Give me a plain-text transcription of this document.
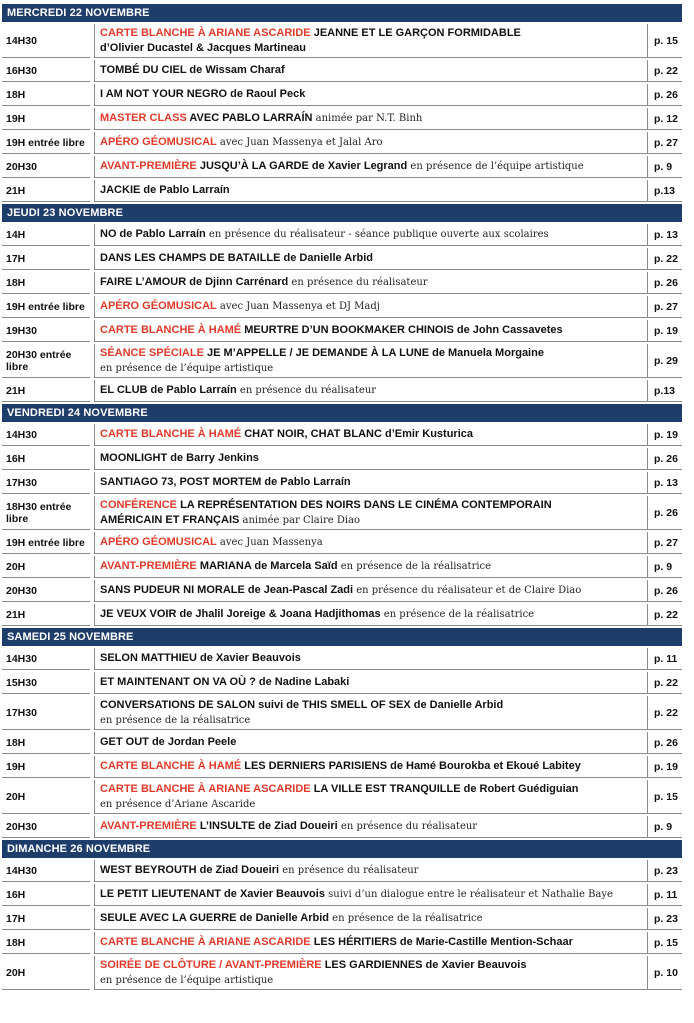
MERCREDI 22 NOVEMBRE
14H30
CARTE BLANCHE À ARIANE ASCARIDE JEANNE ET LE GARÇON FORMIDABLE
d’Olivier Ducastel & Jacques Martineau
p. 15
16H30	TOMBÉ DU CIEL de Wissam Charaf	p. 22
18H	I AM NOT YOUR NEGRO de Raoul Peck	p. 26
19H	MASTER CLASS AVEC PABLO LARRAÍN animée par N.T. Binh	p. 12
19H entrée libre	APÉRO GÉOMUSICAL avec Juan Massenya et Jalal Aro	p. 27
20H30	AVANT-PREMIÈRE JUSQU’À LA GARDE de Xavier Legrand en présence de l’équipe artistique	p. 9
21H	JACKIE de Pablo Larraín	p.13
JEUDI 23 NOVEMBRE
14H	NO de Pablo Larraín en présence du réalisateur - séance publique ouverte aux scolaires	p. 13
17H	DANS LES CHAMPS DE BATAILLE de Danielle Arbid	p. 22
18H	FAIRE L’AMOUR de Djinn Carrénard en présence du réalisateur	p. 26
19H entrée libre	APÉRO GÉOMUSICAL avec Juan Massenya et DJ Madj	p. 27
19H30	CARTE BLANCHE À HAMÉ MEURTRE D’UN BOOKMAKER CHINOIS de John Cassavetes	p. 19
20H30 entrée libre
SÉANCE SPÉCIALE JE M’APPELLE / JE DEMANDE À LA LUNE de Manuela Morgaine
en présence de l’équipe artistique
p. 29
21H	EL CLUB de Pablo Larraín en présence du réalisateur	p.13
VENDREDI 24 NOVEMBRE
14H30	CARTE BLANCHE À HAMÉ CHAT NOIR, CHAT BLANC d’Emir Kusturica	p. 19
16H	MOONLIGHT de Barry Jenkins	p. 26
17H30	SANTIAGO 73, POST MORTEM de Pablo Larraín	p. 13
18H30 entrée libre
CONFÉRENCE LA REPRÉSENTATION DES NOIRS DANS LE CINÉMA CONTEMPORAIN
AMÉRICAIN ET FRANÇAIS animée par Claire Diao
p. 26
19H entrée libre	APÉRO GÉOMUSICAL avec Juan Massenya	p. 27
20H	AVANT-PREMIÈRE MARIANA de Marcela Saïd en présence de la réalisatrice	p. 9
20H30	SANS PUDEUR NI MORALE de Jean-Pascal Zadi en présence du réalisateur et de Claire Diao	p. 26
21H	JE VEUX VOIR de Jhalil Joreige & Joana Hadjithomas en présence de la réalisatrice	p. 22
SAMEDI 25 NOVEMBRE
14H30	SELON MATTHIEU de Xavier Beauvois	p. 11
15H30	ET MAINTENANT ON VA OÙ ? de Nadine Labaki	p. 22
17H30
CONVERSATIONS DE SALON suivi de THIS SMELL OF SEX de Danielle Arbid
en présence de la réalisatrice
p. 22
18H	GET OUT de Jordan Peele	p. 26
19H	CARTE BLANCHE À HAMÉ LES DERNIERS PARISIENS de Hamé Bourokba et Ekoué Labitey	p. 19
20H
CARTE BLANCHE À ARIANE ASCARIDE LA VILLE EST TRANQUILLE de Robert Guédiguian
en présence d’Ariane Ascaride
p. 15
20H30	AVANT-PREMIÈRE L’INSULTE de Ziad Doueiri en présence du réalisateur	p. 9
DIMANCHE 26 NOVEMBRE
14H30	WEST BEYROUTH de Ziad Doueiri en présence du réalisateur	p. 23
16H	LE PETIT LIEUTENANT de Xavier Beauvois suivi d’un dialogue entre le réalisateur et Nathalie Baye	p. 11
17H	SEULE AVEC LA GUERRE de Danielle Arbid en présence de la réalisatrice	p. 23
18H	CARTE BLANCHE À ARIANE ASCARIDE LES HÉRITIERS de Marie-Castille Mention-Schaar	p. 15
20H
SOIRÉE DE CLÔTURE / AVANT-PREMIÈRE LES GARDIENNES de Xavier Beauvois
en présence de l’équipe artistique
p. 10
